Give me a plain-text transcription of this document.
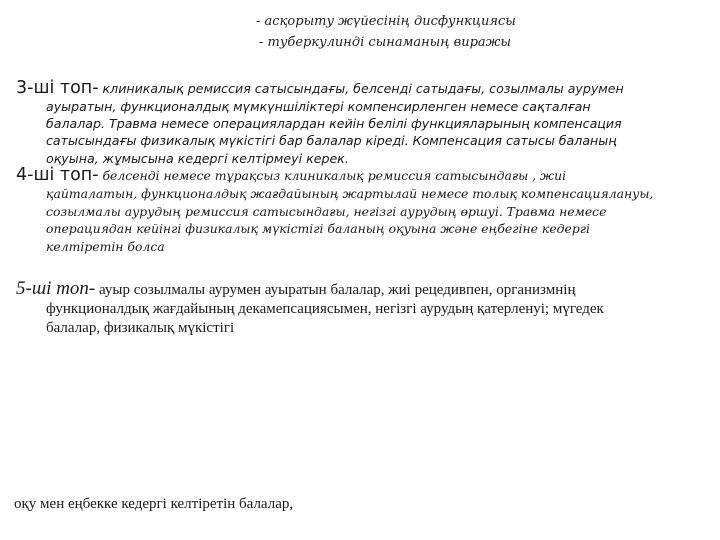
- асқорыту жүйесінің дисфункциясы
- туберкулинді сынаманың виражы
3-ші топ- клиникалық ремиссия сатысындағы, белсенді сатыдағы, созылмалы аурумен
ауыратын, функционалдық мүмкүншіліктері компенсирленген немесе сақталған
балалар. Травма немесе операциялардан кейін белілі функцияларының компенсация
сатысындағы физикалық мүкістігі бар балалар кіреді. Компенсация сатысы баланың
оқуына, жұмысына кедергі келтірмеуі керек.
4-ші топ- белсенді немесе тұрақсыз клиникалық ремиссия сатысындағы , жиі
қайталатын, функционалдық жағдайының жартылай немесе толық компенсациялануы,
созылмалы аурудың ремиссия сатысындағы, негізгі аурудың өршуі. Травма немесе
операциядан кейінгі физикалық мүкістігі баланың оқуына және еңбегіне кедергі
келтіретін болса
5-ші топ- ауыр созылмалы аурумен ауыратын балалар, жиі рецедивпен, организмнің
функционалдық жағдайының декамепсациясымен, негізгі аурудың қатерленуі; мүгедек
балалар, физикалық мүкістігі
оқу мен еңбекке кедергі келтіретін балалар,
